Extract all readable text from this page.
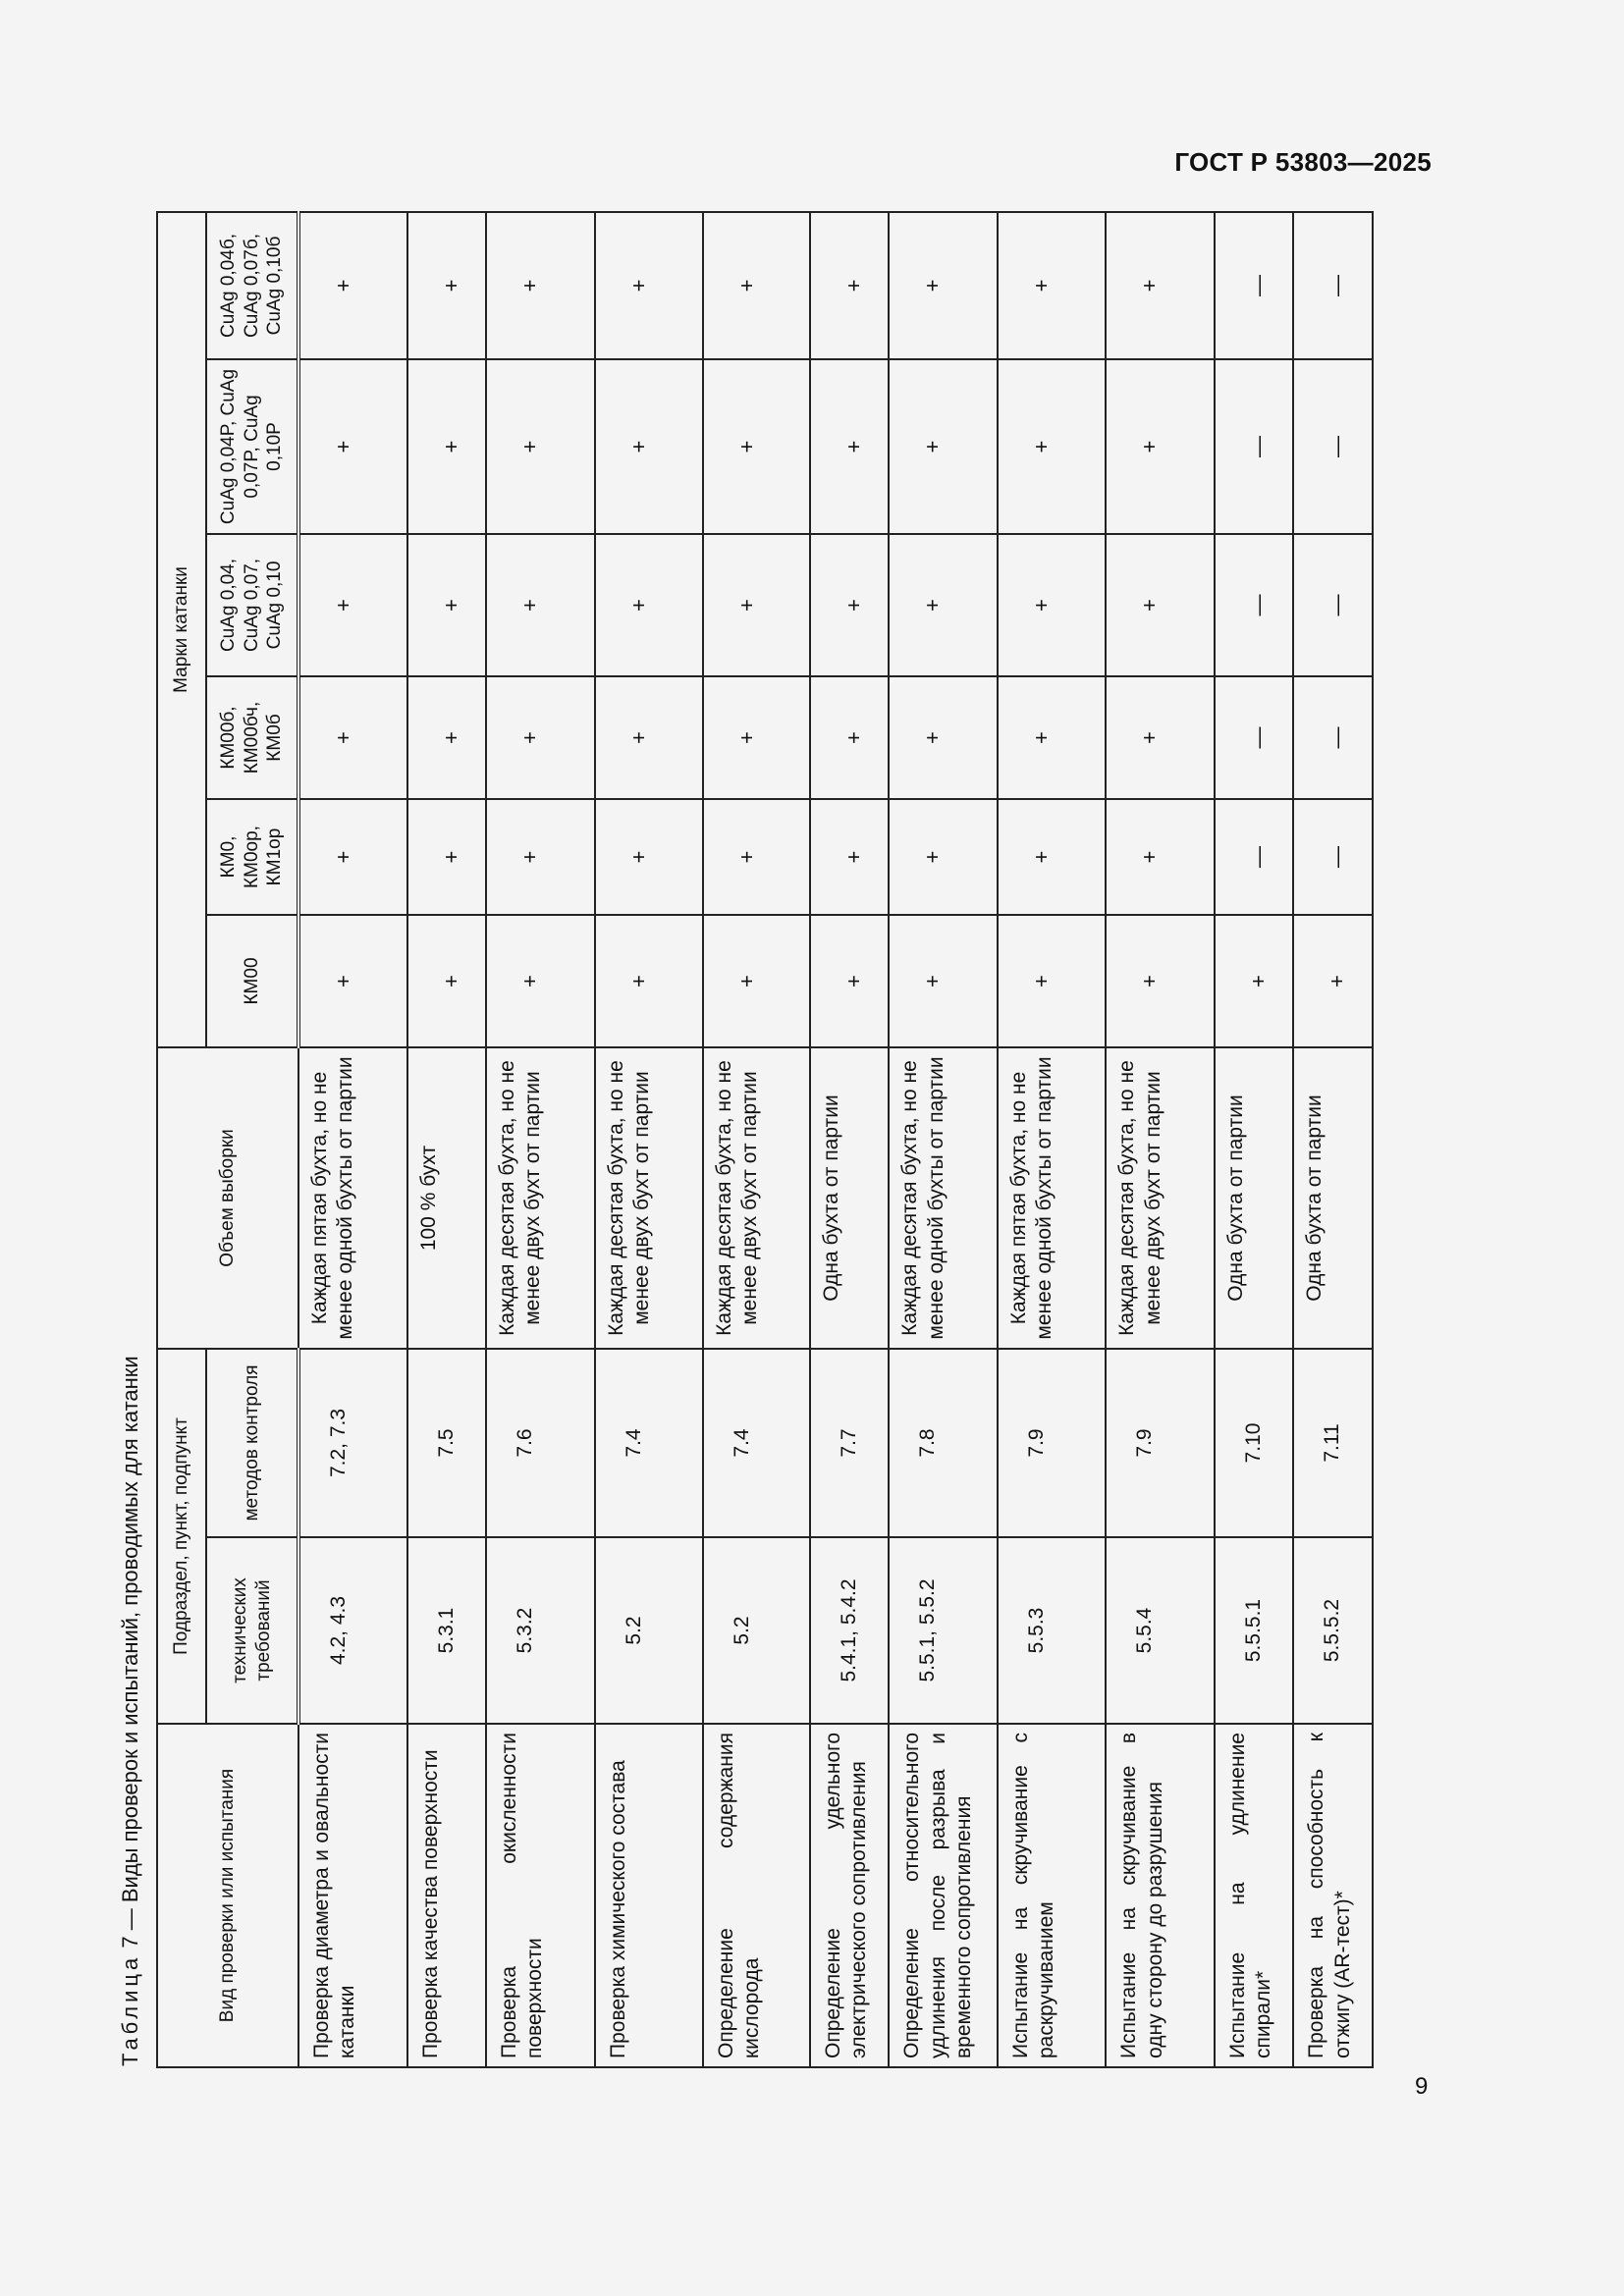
ГОСТ Р 53803—2025
Таблица 7 — Виды проверок и испытаний, проводимых для катанки	Вид проверки или испытания	Подраздел, пункт, подпункт		Объем выборки	Марки катанки					
	технических требований	методов контроля		КМ00	КМ0, КМ0ор, КМ1ор	КМ00б, КМ00бч, КМ0б	CuAg 0,04, CuAg 0,07, CuAg 0,10	CuAg 0,04P, CuAg 0,07P, CuAg 0,10P	CuAg 0,04б, CuAg 0,07б, CuAg 0,10б
Проверка диаметра и овальности катанки	4.2, 4.3	7.2, 7.3	Каждая пятая бухта, но не менее одной бухты от партии	+	+	+	+	+	+
Проверка качества поверхности	5.3.1	7.5	100 % бухт	+	+	+	+	+	+
Проверка окисленности поверхности	5.3.2	7.6	Каждая десятая бухта, но не менее двух бухт от партии	+	+	+	+	+	+
Проверка химического состава	5.2	7.4	Каждая десятая бухта, но не менее двух бухт от партии	+	+	+	+	+	+
Определение содержания кислорода	5.2	7.4	Каждая десятая бухта, но не менее двух бухт от партии	+	+	+	+	+	+
Определение удельного электрического сопротивления	5.4.1, 5.4.2	7.7	Одна бухта от партии	+	+	+	+	+	+
Определение относительного удлинения после разрыва и временного сопротивления	5.5.1, 5.5.2	7.8	Каждая десятая бухта, но не менее одной бухты от партии	+	+	+	+	+	+
Испытание на скручивание с раскручиванием	5.5.3	7.9	Каждая пятая бухта, но не менее одной бухты от партии	+	+	+	+	+	+
Испытание на скручивание в одну сторону до разрушения	5.5.4	7.9	Каждая десятая бухта, но не менее двух бухт от партии	+	+	+	+	+	+
Испытание на удлинение спирали*	5.5.5.1	7.10	Одна бухта от партии	+	—	—	—	—	—
Проверка на способность к отжигу (AR-тест)*	5.5.5.2	7.11	Одна бухта от партии	+	—	—	—	—	—
9
